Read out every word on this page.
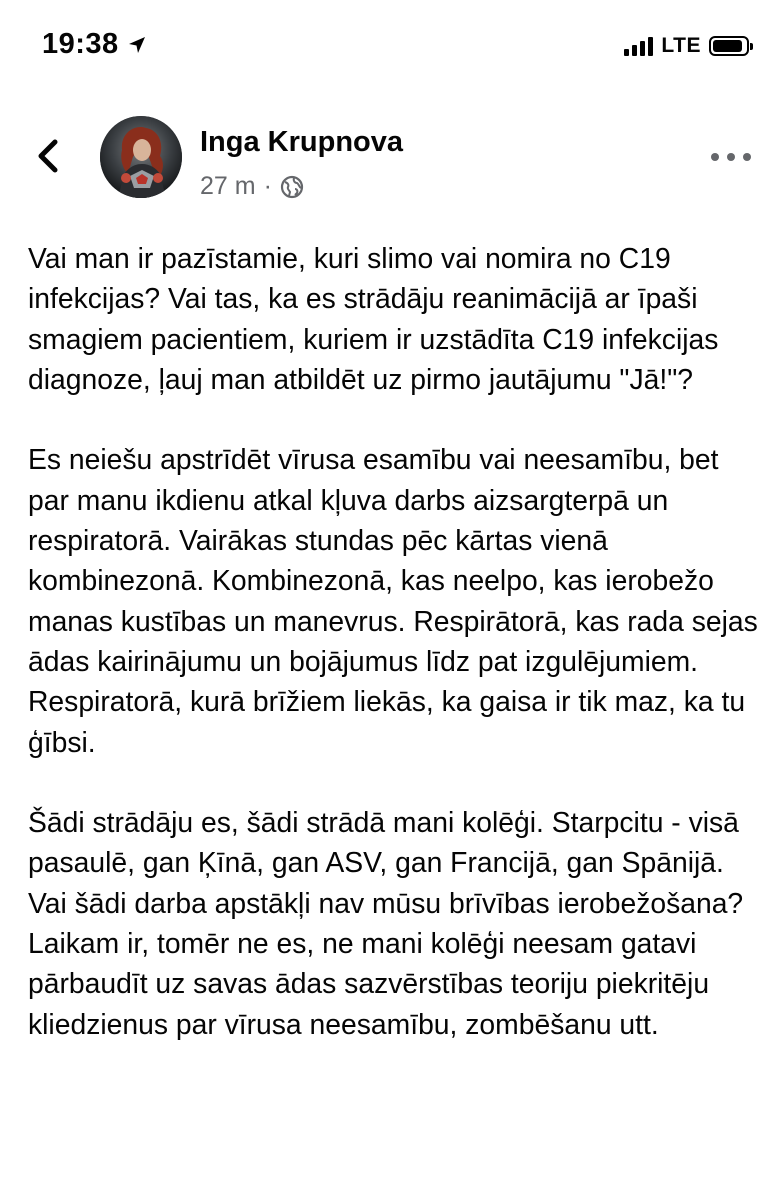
19:38	LTE
Inga Krupnova
27 m ·

Vai man ir pazīstamie, kuri slimo vai nomira no C19 infekcijas? Vai tas, ka es strādāju reanimācijā ar īpaši smagiem pacientiem, kuriem ir uzstādīta C19 infekcijas diagnoze, ļauj man atbildēt uz pirmo jautājumu "Jā!"?

Es neiešu apstrīdēt vīrusa esamību vai neesamību, bet par manu ikdienu atkal kļuva darbs aizsargterpā un respiratorā. Vairākas stundas pēc kārtas vienā kombinezonā. Kombinezonā, kas neelpo, kas ierobežo manas kustības un manevrus. Respirātorā, kas rada sejas ādas kairinājumu un bojājumus līdz pat izgulējumiem. Respiratorā, kurā brīžiem liekās, ka gaisa ir tik maz, ka tu ģībsi.

Šādi strādāju es, šādi strādā mani kolēģi. Starpcitu - visā pasaulē, gan Ķīnā, gan ASV, gan Francijā, gan Spānijā.

Vai šādi darba apstākļi nav mūsu brīvības ierobežošana? Laikam ir, tomēr ne es, ne mani kolēģi neesam gatavi pārbaudīt uz savas ādas sazvērstības teoriju piekritēju kliedzienus par vīrusa neesamību, zombēšanu utt.
